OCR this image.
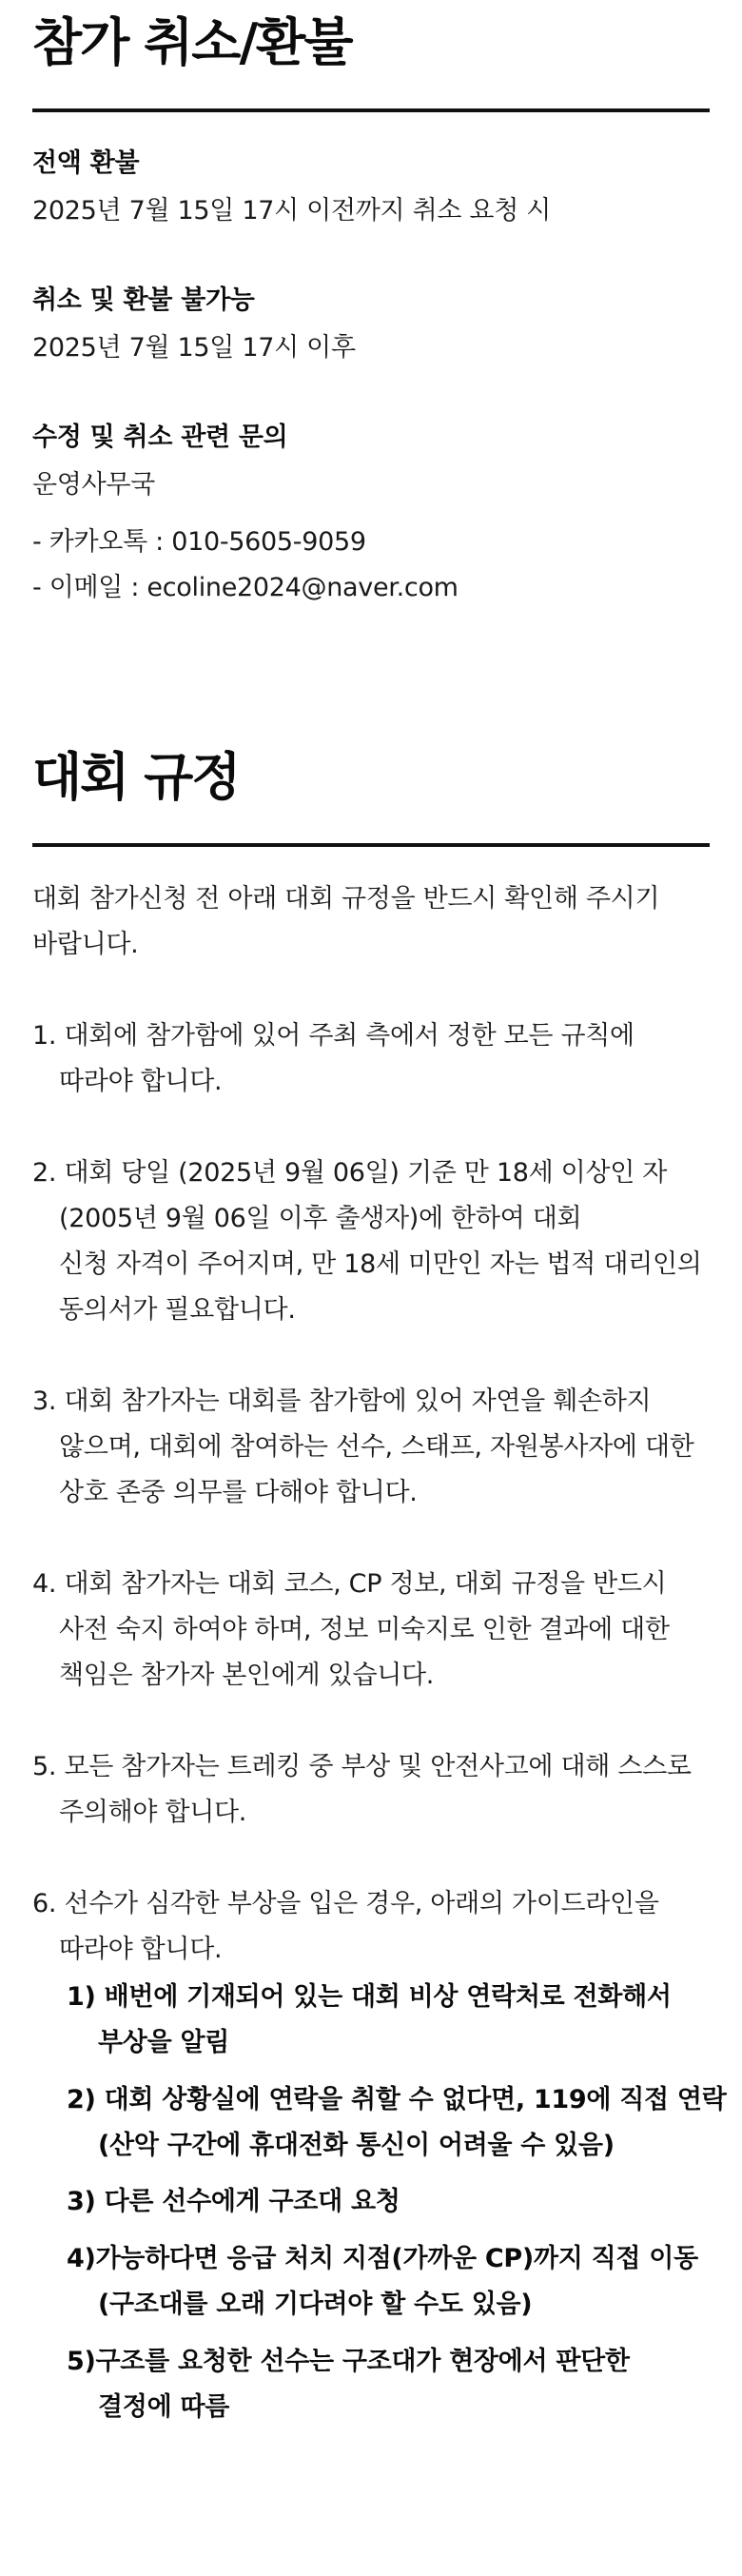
참가 취소/환불
전액 환불
2025년 7월 15일 17시 이전까지 취소 요청 시
취소 및 환불 불가능
2025년 7월 15일 17시 이후
수정 및 취소 관련 문의
운영사무국
- 카카오톡 : 010-5605-9059
- 이메일 : ecoline2024@naver.com
대회 규정
대회 참가신청 전 아래 대회 규정을 반드시 확인해 주시기
바랍니다.
1. 대회에 참가함에 있어 주최 측에서 정한 모든 규칙에
따라야 합니다.
2. 대회 당일 (2025년 9월 06일) 기준 만 18세 이상인 자
(2005년 9월 06일 이후 출생자)에 한하여 대회
신청 자격이 주어지며, 만 18세 미만인 자는 법적 대리인의
동의서가 필요합니다.
3. 대회 참가자는 대회를 참가함에 있어 자연을 훼손하지
않으며, 대회에 참여하는 선수, 스태프, 자원봉사자에 대한
상호 존중 의무를 다해야 합니다.
4. 대회 참가자는 대회 코스, CP 정보, 대회 규정을 반드시
사전 숙지 하여야 하며, 정보 미숙지로 인한 결과에 대한
책임은 참가자 본인에게 있습니다.
5. 모든 참가자는 트레킹 중 부상 및 안전사고에 대해 스스로
주의해야 합니다.
6. 선수가 심각한 부상을 입은 경우, 아래의 가이드라인을
따라야 합니다.
1) 배번에 기재되어 있는 대회 비상 연락처로 전화해서
부상을 알림
2) 대회 상황실에 연락을 취할 수 없다면, 119에 직접 연락
(산악 구간에 휴대전화 통신이 어려울 수 있음)
3) 다른 선수에게 구조대 요청
4)가능하다면 응급 처치 지점(가까운 CP)까지 직접 이동
(구조대를 오래 기다려야 할 수도 있음)
5)구조를 요청한 선수는 구조대가 현장에서 판단한
결정에 따름
